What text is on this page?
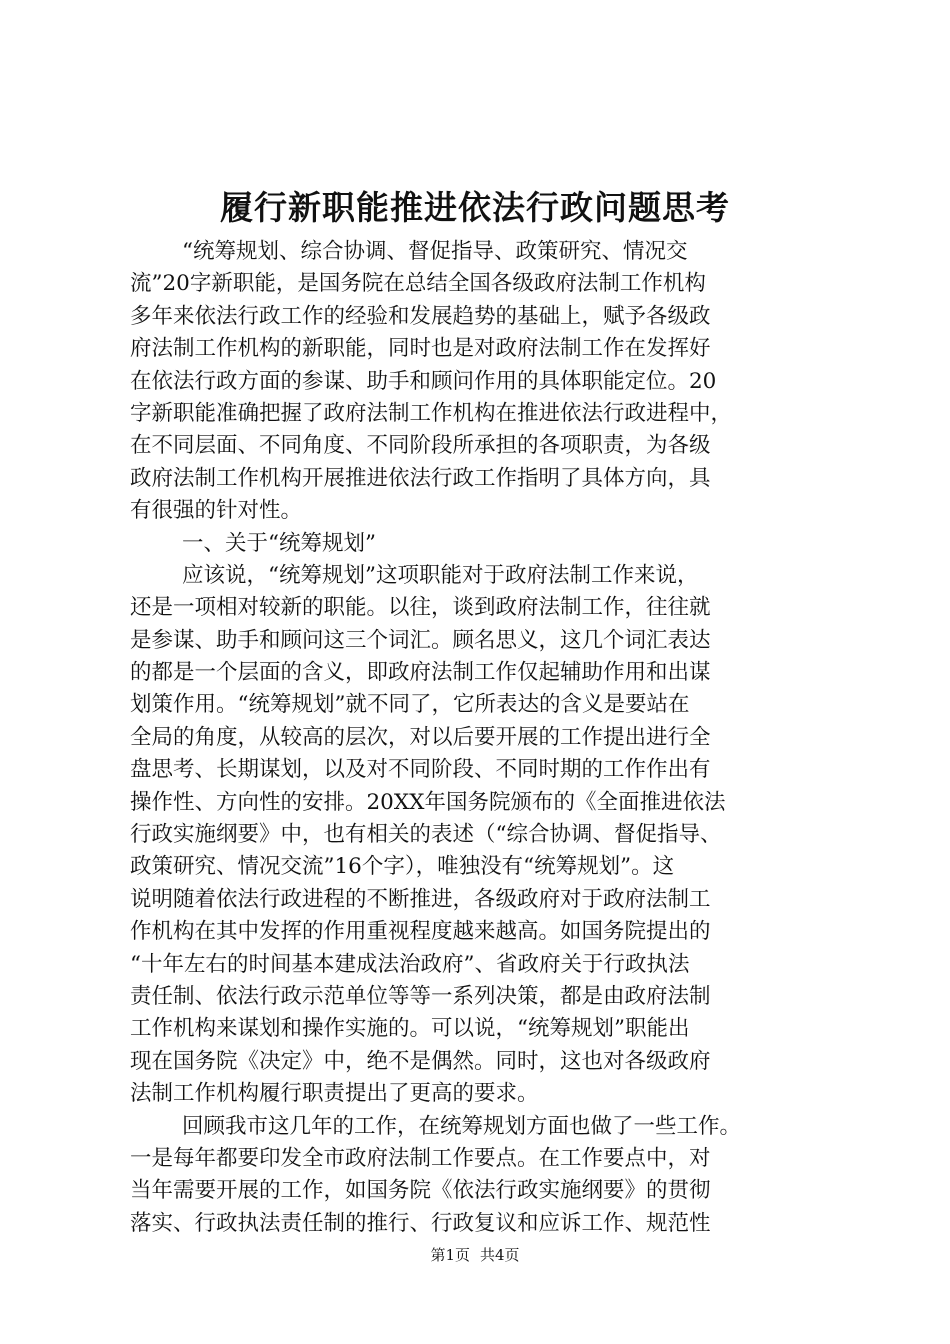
履行新职能推进依法行政问题思考
“统筹规划、综合协调、督促指导、政策研究、情况交
流”20字新职能，是国务院在总结全国各级政府法制工作机构
多年来依法行政工作的经验和发展趋势的基础上，赋予各级政
府法制工作机构的新职能，同时也是对政府法制工作在发挥好
在依法行政方面的参谋、助手和顾问作用的具体职能定位。20
字新职能准确把握了政府法制工作机构在推进依法行政进程中，
在不同层面、不同角度、不同阶段所承担的各项职责，为各级
政府法制工作机构开展推进依法行政工作指明了具体方向，具
有很强的针对性。
一、关于“统筹规划”
应该说，“统筹规划”这项职能对于政府法制工作来说，
还是一项相对较新的职能。以往，谈到政府法制工作，往往就
是参谋、助手和顾问这三个词汇。顾名思义，这几个词汇表达
的都是一个层面的含义，即政府法制工作仅起辅助作用和出谋
划策作用。“统筹规划”就不同了，它所表达的含义是要站在
全局的角度，从较高的层次，对以后要开展的工作提出进行全
盘思考、长期谋划，以及对不同阶段、不同时期的工作作出有
操作性、方向性的安排。20XX年国务院颁布的《全面推进依法
行政实施纲要》中，也有相关的表述（“综合协调、督促指导、
政策研究、情况交流”16个字），唯独没有“统筹规划”。这
说明随着依法行政进程的不断推进，各级政府对于政府法制工
作机构在其中发挥的作用重视程度越来越高。如国务院提出的
“十年左右的时间基本建成法治政府”、省政府关于行政执法
责任制、依法行政示范单位等等一系列决策，都是由政府法制
工作机构来谋划和操作实施的。可以说，“统筹规划”职能出
现在国务院《决定》中，绝不是偶然。同时，这也对各级政府
法制工作机构履行职责提出了更高的要求。
回顾我市这几年的工作，在统筹规划方面也做了一些工作。
一是每年都要印发全市政府法制工作要点。在工作要点中，对
当年需要开展的工作，如国务院《依法行政实施纲要》的贯彻
落实、行政执法责任制的推行、行政复议和应诉工作、规范性
第1页 共4页
